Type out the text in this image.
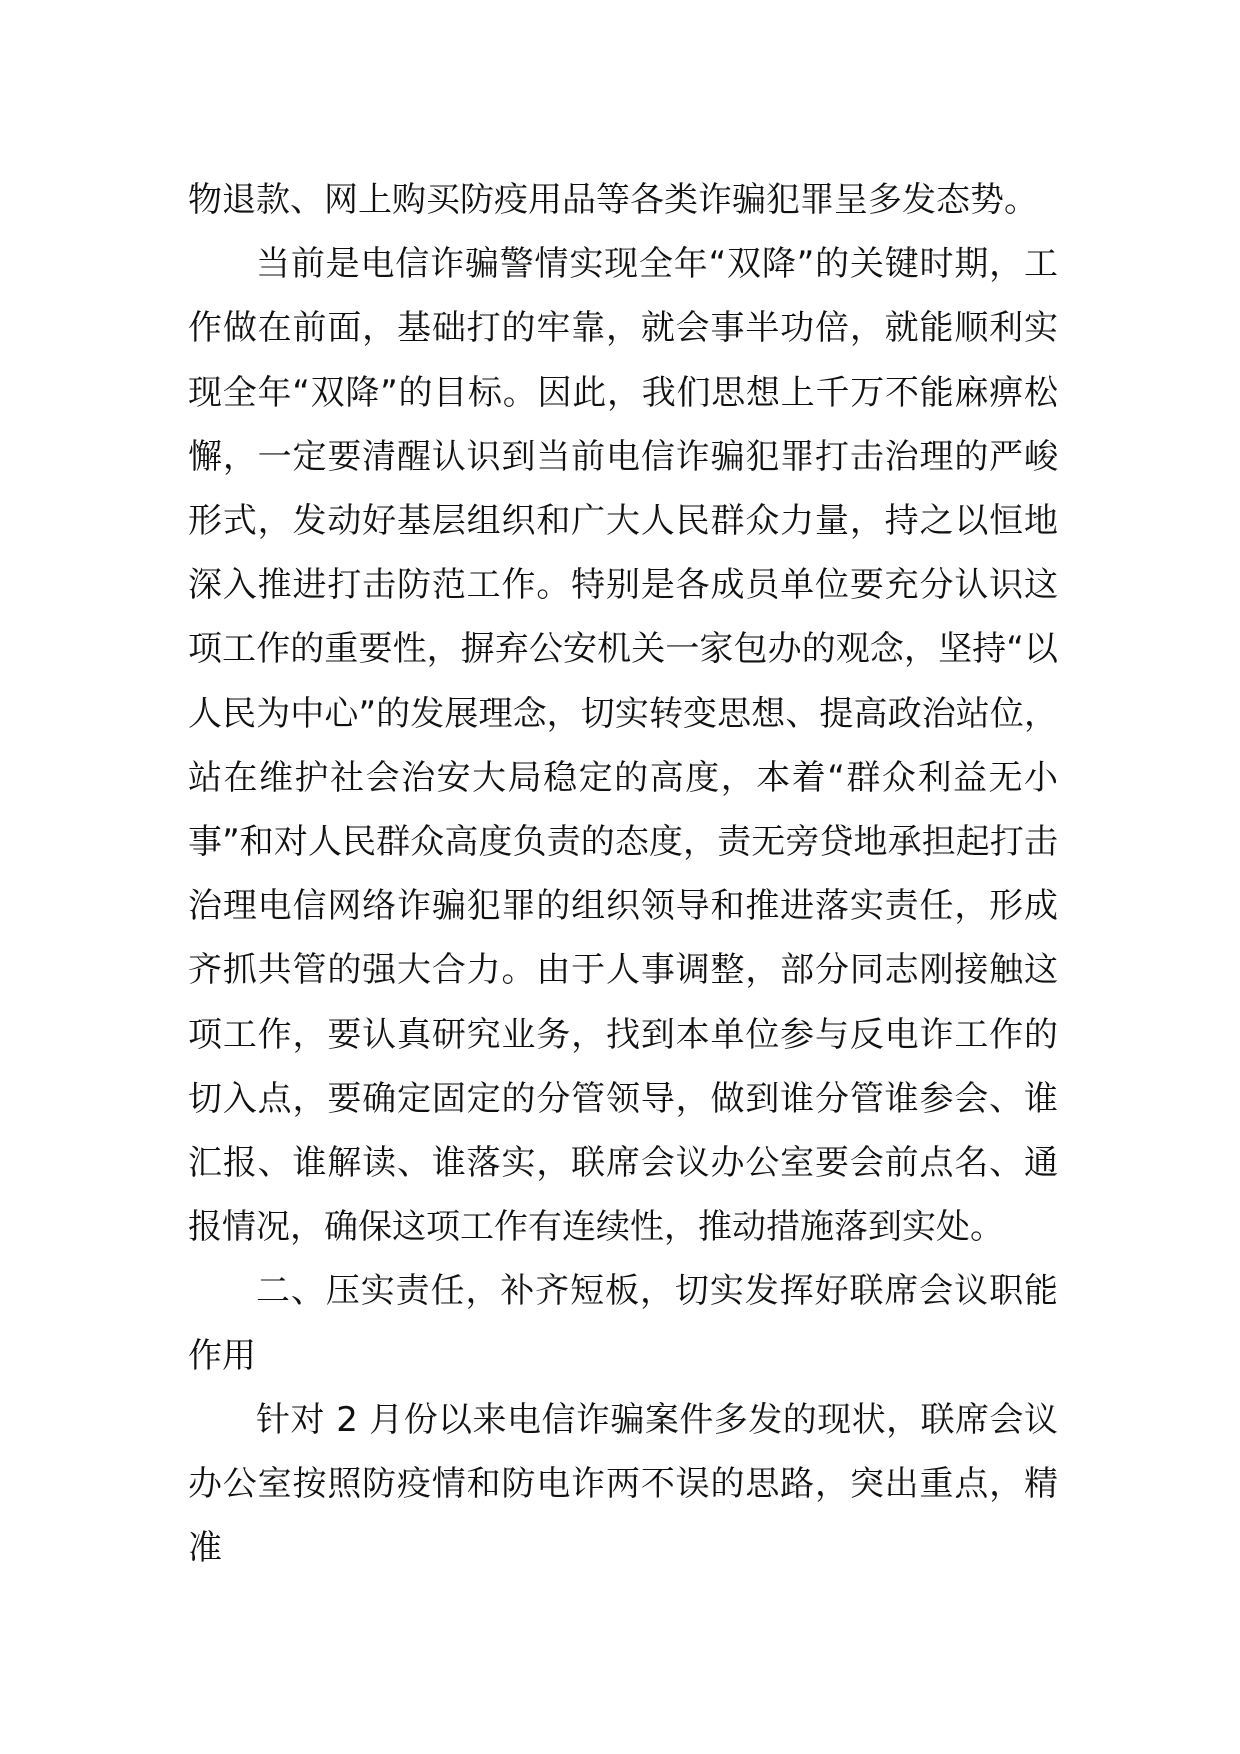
物退款、网上购买防疫用品等各类诈骗犯罪呈多发态势。

当前是电信诈骗警情实现全年“双降”的关键时期，工作做在前面，基础打的牢靠，就会事半功倍，就能顺利实现全年“双降”的目标。因此，我们思想上千万不能麻痹松懈，一定要清醒认识到当前电信诈骗犯罪打击治理的严峻形式，发动好基层组织和广大人民群众力量，持之以恒地深入推进打击防范工作。特别是各成员单位要充分认识这项工作的重要性，摒弃公安机关一家包办的观念，坚持“以人民为中心”的发展理念，切实转变思想、提高政治站位，站在维护社会治安大局稳定的高度，本着“群众利益无小事”和对人民群众高度负责的态度，责无旁贷地承担起打击治理电信网络诈骗犯罪的组织领导和推进落实责任，形成齐抓共管的强大合力。由于人事调整，部分同志刚接触这项工作，要认真研究业务，找到本单位参与反电诈工作的切入点，要确定固定的分管领导，做到谁分管谁参会、谁汇报、谁解读、谁落实，联席会议办公室要会前点名、通报情况，确保这项工作有连续性，推动措施落到实处。

二、压实责任，补齐短板，切实发挥好联席会议职能作用

针对 2 月份以来电信诈骗案件多发的现状，联席会议办公室按照防疫情和防电诈两不误的思路，突出重点，精准
